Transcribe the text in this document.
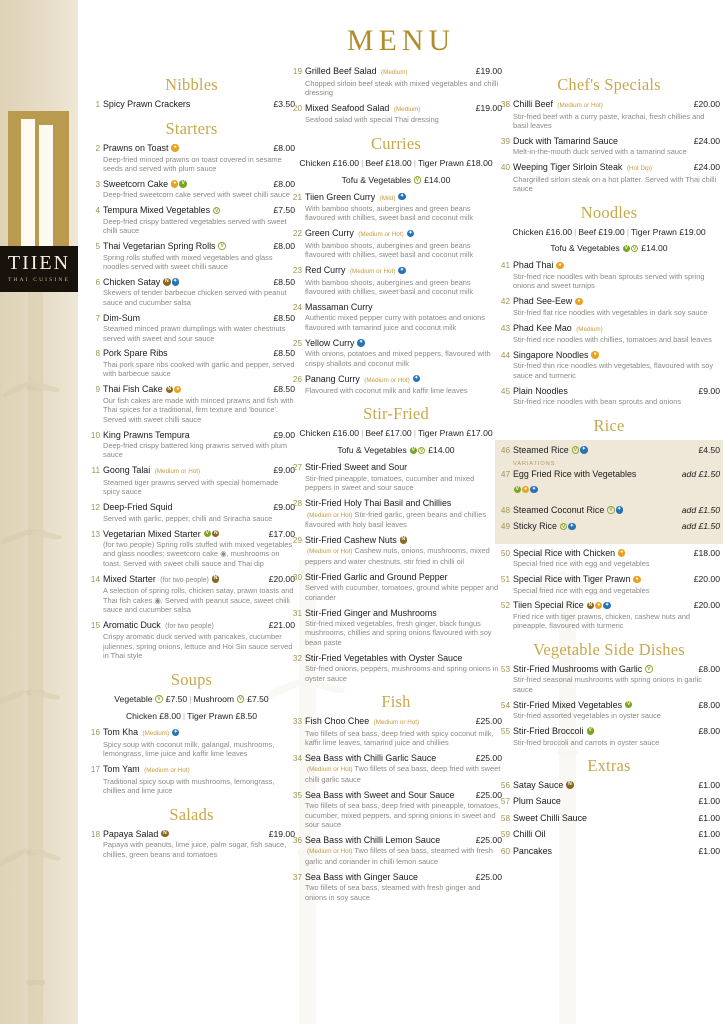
TIIEN
THAI CUISINE
MENU
Nibbles
1 Spicy Prawn Crackers	£3.50
Starters
2 Prawns on Toast ●	£8.00
Deep-fried minced prawns on toast covered in sesame seeds and served with plum sauce
3 Sweetcorn Cake ● V	£8.00
Deep-fried sweetcorn cake served with sweet chilli sauce
4 Tempura Mixed Vegetables V	£7.50
Deep-fried crispy battered vegetables served with sweet chilli sauce
5 Thai Vegetarian Spring Rolls V	£8.00
Spring rolls stuffed with mixed vegetables and glass noodles served with sweet chilli sauce
6 Chicken Satay N ✦	£8.50
Skewers of tender barbecue chicken served with peanut sauce and cucumber salsa
7 Dim-Sum	£8.50
Steamed minced prawn dumplings with water chestnuts served with sweet and sour sauce
8 Pork Spare Ribs	£8.50
Thai pork spare ribs cooked with garlic and pepper, served with barbecue sauce
9 Thai Fish Cake N ●	£8.50
Our fish cakes are made with minced prawns and fish with Thai spices for a traditional, firm texture and 'bounce'. Served with sweet chilli sauce
10 King Prawns Tempura	£9.00
Deep-fried crispy battered king prawns served with plum sauce
11 Goong Talai (Medium or Hot)	£9.00
Steamed tiger prawns served with special homemade spicy sauce
12 Deep-Fried Squid	£9.00
Served with garlic, pepper, chilli and Sriracha sauce
13 Vegetarian Mixed Starter V N	£17.00
(for two people) Spring rolls stuffed with mixed vegetables and glass noodles; sweetcorn cake ◉, mushrooms on toast. Served with sweet chilli sauce and Thai dip
14 Mixed Starter (for two people) N	£20.00
A selection of spring rolls, chicken satay, prawn toasts and Thai fish cakes ◉. Served with peanut sauce, sweet chilli sauce and cucumber salsa
15 Aromatic Duck (for two people)	£21.00
Crispy aromatic duck served with pancakes, cucumber juliennes, spring onions, lettuce and Hoi Sin sauce served in Thai style
Soups
Vegetable V £7.50 | Mushroom V £7.50
Chicken £8.00 | Tiger Prawn £8.50
16 Tom Kha (Medium) ✦
Spicy soup with coconut milk, galangal, mushrooms, lemongrass, lime juice and kaffir lime leaves
17 Tom Yam (Medium or Hot)
Traditional spicy soup with mushrooms, lemongrass, chillies and lime juice
Salads
18 Papaya Salad N	£19.00
Papaya with peanuts, lime juice, palm sugar, fish sauce, chillies, green beans and tomatoes
19 Grilled Beef Salad (Medium)	£19.00
Chopped sirloin beef steak with mixed vegetables and chilli dressing
20 Mixed Seafood Salad (Medium)	£19.00
Seafood salad with special Thai dressing
Curries
Chicken £16.00 | Beef £18.00 | Tiger Prawn £18.00
Tofu & Vegetables V £14.00
21 Tiien Green Curry (Mild) ✦
With bamboo shoots, aubergines and green beans flavoured with chillies, sweet basil and coconut milk
22 Green Curry (Medium or Hot) ✦
With bamboo shoots, aubergines and green beans flavoured with chillies, sweet basil and coconut milk
23 Red Curry (Medium or Hot) ✦
With bamboo shoots, aubergines and green beans flavoured with chillies, sweet basil and coconut milk
24 Massaman Curry
Authentic mixed pepper curry with potatoes and onions flavoured with tamarind juice and coconut milk
25 Yellow Curry ✦
With onions, potatoes and mixed peppers, flavoured with crispy shallots and coconut milk
26 Panang Curry (Medium or Hot) ✦
Flavoured with coconut milk and kaffir lime leaves
Stir-Fried
Chicken £16.00 | Beef £17.00 | Tiger Prawn £17.00
Tofu & Vegetables V V £14.00
27 Stir-Fried Sweet and Sour
Stir-fried pineapple, tomatoes, cucumber and mixed peppers in sweet and sour sauce
28 Stir-Fried Holy Thai Basil and Chillies
(Medium or Hot) Stir-fried garlic, green beans and chillies flavoured with holy basil leaves
29 Stir-Fried Cashew Nuts N
(Medium or Hot) Cashew nuts, onions, mushrooms, mixed peppers and water chestnuts, stir fried in chilli oil
30 Stir-Fried Garlic and Ground Pepper
Served with cucumber, tomatoes, ground white pepper and coriander
31 Stir-Fried Ginger and Mushrooms
Stir-fried mixed vegetables, fresh ginger, black fungus mushrooms, chillies and spring onions flavoured with soy bean paste
32 Stir-Fried Vegetables with Oyster Sauce
Stir-fried onions, peppers, mushrooms and spring onions in oyster sauce
Fish
33 Fish Choo Chee (Medium or Hot)	£25.00
Two fillets of sea bass, deep fried with spicy coconut milk, kaffir lime leaves, tamarind juice and chillies
34 Sea Bass with Chilli Garlic Sauce	£25.00
(Medium or Hot) Two fillets of sea bass, deep fried with sweet chilli garlic sauce
35 Sea Bass with Sweet and Sour Sauce	£25.00
Two fillets of sea bass, deep fried with pineapple, tomatoes, cucumber, mixed peppers, and spring onions in sweet and sour sauce
36 Sea Bass with Chilli Lemon Sauce	£25.00
(Medium or Hot) Two fillets of sea bass, steamed with fresh garlic and coriander in chilli lemon sauce
37 Sea Bass with Ginger Sauce	£25.00
Two fillets of sea bass, steamed with fresh ginger and onions in soy sauce
Chef's Specials
38 Chilli Beef (Medium or Hot)	£20.00
Stir-fried beef with a curry paste, krachai, fresh chillies and basil leaves
39 Duck with Tamarind Sauce	£24.00
Melt-in-the-mouth duck served with a tamarind sauce
40 Weeping Tiger Sirloin Steak (Hot Dip)	£24.00
Chargrilled sirloin steak on a hot platter. Served with Thai chilli sauce
Noodles
Chicken £16.00 | Beef £19.00 | Tiger Prawn £19.00
Tofu & Vegetables V V £14.00
41 Phad Thai ●
Stir-fried rice noodles with bean sprouts served with spring onions and sweet turnips
42 Phad See-Eew ●
Stir-fried flat rice noodles with vegetables in dark soy sauce
43 Phad Kee Mao (Medium)
Stir-fried rice noodles with chillies, tomatoes and basil leaves
44 Singapore Noodles ●
Stir-fried thin rice noodles with vegetables, flavoured with soy sauce and turmeric
45 Plain Noodles	£9.00
Stir-fried rice noodles with bean sprouts and onions
Rice
46 Steamed Rice V ✦	£4.50
VARIATIONS
47 Egg Fried Rice with Vegetables	add £1.50
V ● ✦
48 Steamed Coconut Rice V ✦	add £1.50
49 Sticky Rice V ✦	add £1.50
50 Special Rice with Chicken ●	£18.00
Special fried rice with egg and vegetables
51 Special Rice with Tiger Prawn ●	£20.00
Special fried rice with egg and vegetables
52 Tiien Special Rice N ● ✦	£20.00
Fried rice with tiger prawns, chicken, cashew nuts and pineapple, flavoured with turmeric
Vegetable Side Dishes
53 Stir-Fried Mushrooms with Garlic V	£8.00
Stir-fried seasonal mushrooms with spring onions in garlic sauce
54 Stir-Fried Mixed Vegetables V	£8.00
Stir-fried assorted vegetables in oyster sauce
55 Stir-Fried Broccoli V	£8.00
Stir-fried broccoli and carrots in oyster sauce
Extras
56 Satay Sauce N	£1.00
57 Plum Sauce	£1.00
58 Sweet Chilli Sauce	£1.00
59 Chilli Oil	£1.00
60 Pancakes	£1.00
